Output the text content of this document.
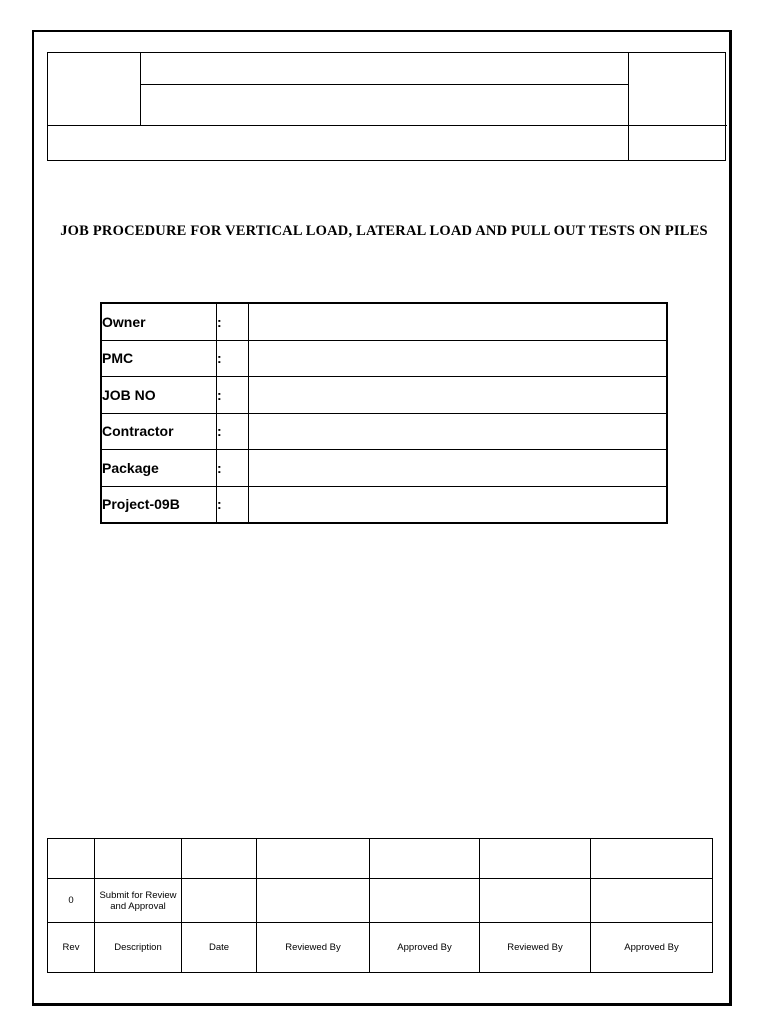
JOB PROCEDURE FOR VERTICAL LOAD, LATERAL LOAD AND PULL OUT TESTS ON PILES
Owner	:	
PMC	:	
JOB NO	:	
Contractor	:	
Package	:	
Project-09B	:	

0	Submit for Review and Approval					
Rev	Description	Date	Reviewed By	Approved By	Reviewed By	Approved By
